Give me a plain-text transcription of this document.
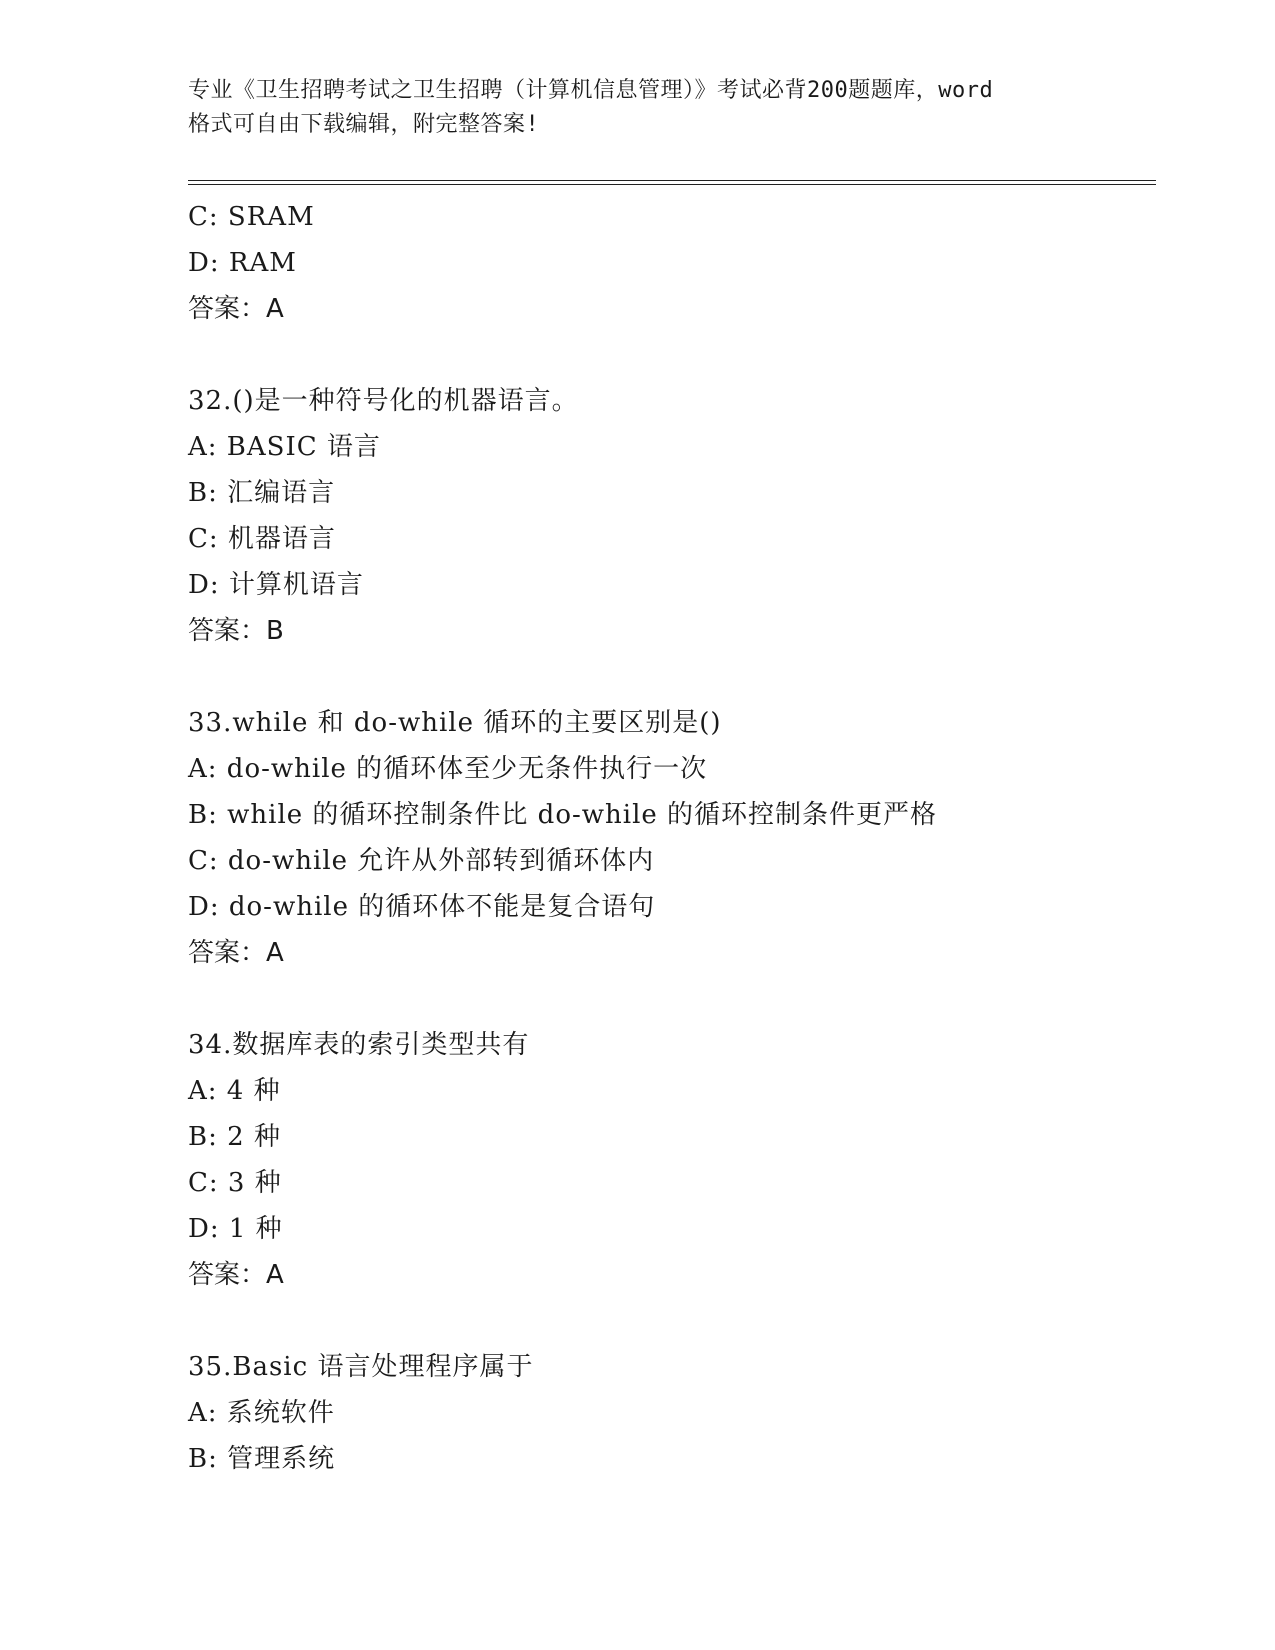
专业《卫生招聘考试之卫生招聘（计算机信息管理）》考试必背200题题库，word
格式可自由下载编辑，附完整答案!
C: SRAM
D: RAM
答案：A
32.()是一种符号化的机器语言。
A: BASIC 语言
B: 汇编语言
C: 机器语言
D: 计算机语言
答案：B
33.while 和 do-while 循环的主要区别是()
A: do-while 的循环体至少无条件执行一次
B: while 的循环控制条件比 do-while 的循环控制条件更严格
C: do-while 允许从外部转到循环体内
D: do-while 的循环体不能是复合语句
答案：A
34.数据库表的索引类型共有
A: 4 种
B: 2 种
C: 3 种
D: 1 种
答案：A
35.Basic 语言处理程序属于
A: 系统软件
B: 管理系统
